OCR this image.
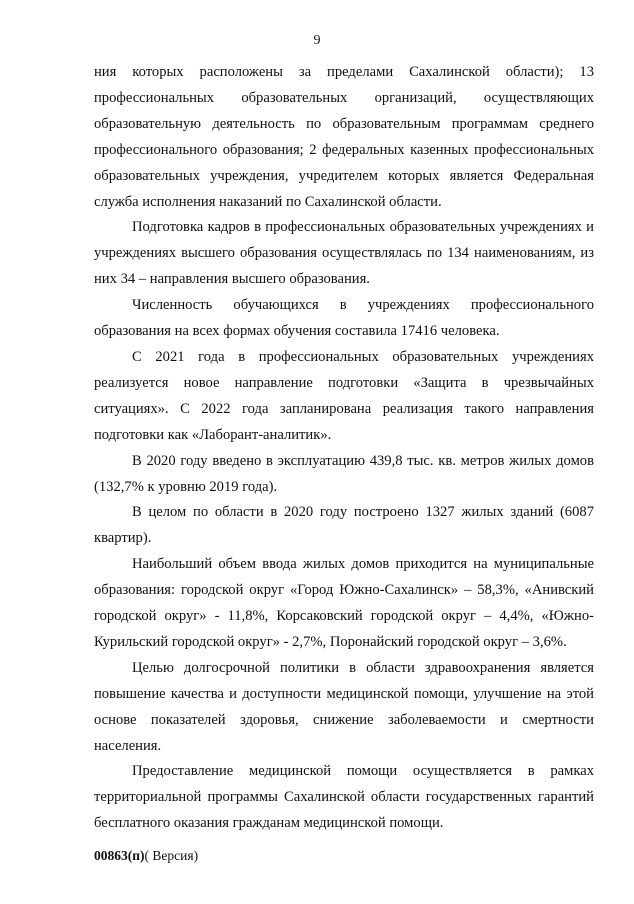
9

ния которых расположены за пределами Сахалинской области); 13 профессиональных образовательных организаций, осуществляющих образовательную деятельность по образовательным программам среднего профессионального образования; 2 федеральных казенных профессиональных образовательных учреждения, учредителем которых является Федеральная служба исполнения наказаний по Сахалинской области.

Подготовка кадров в профессиональных образовательных учреждениях и учреждениях высшего образования осуществлялась по 134 наименованиям, из них 34 – направления высшего образования.

Численность обучающихся в учреждениях профессионального образования на всех формах обучения составила 17416 человека.

С 2021 года в профессиональных образовательных учреждениях реализуется новое направление подготовки «Защита в чрезвычайных ситуациях». С 2022 года запланирована реализация такого направления подготовки как «Лаборант-аналитик».

В 2020 году введено в эксплуатацию 439,8 тыс. кв. метров жилых домов (132,7% к уровню 2019 года).

В целом по области в 2020 году построено 1327 жилых зданий (6087 квартир).

Наибольший объем ввода жилых домов приходится на муниципальные образования: городской округ «Город Южно-Сахалинск» – 58,3%, «Анивский городской округ» - 11,8%, Корсаковский городской округ – 4,4%, «Южно-Курильский городской округ» - 2,7%, Поронайский городской округ – 3,6%.

Целью долгосрочной политики в области здравоохранения является повышение качества и доступности медицинской помощи, улучшение на этой основе показателей здоровья, снижение заболеваемости и смертности населения.

Предоставление медицинской помощи осуществляется в рамках территориальной программы Сахалинской области государственных гарантий бесплатного оказания гражданам медицинской помощи.

00863(п)( Версия)
